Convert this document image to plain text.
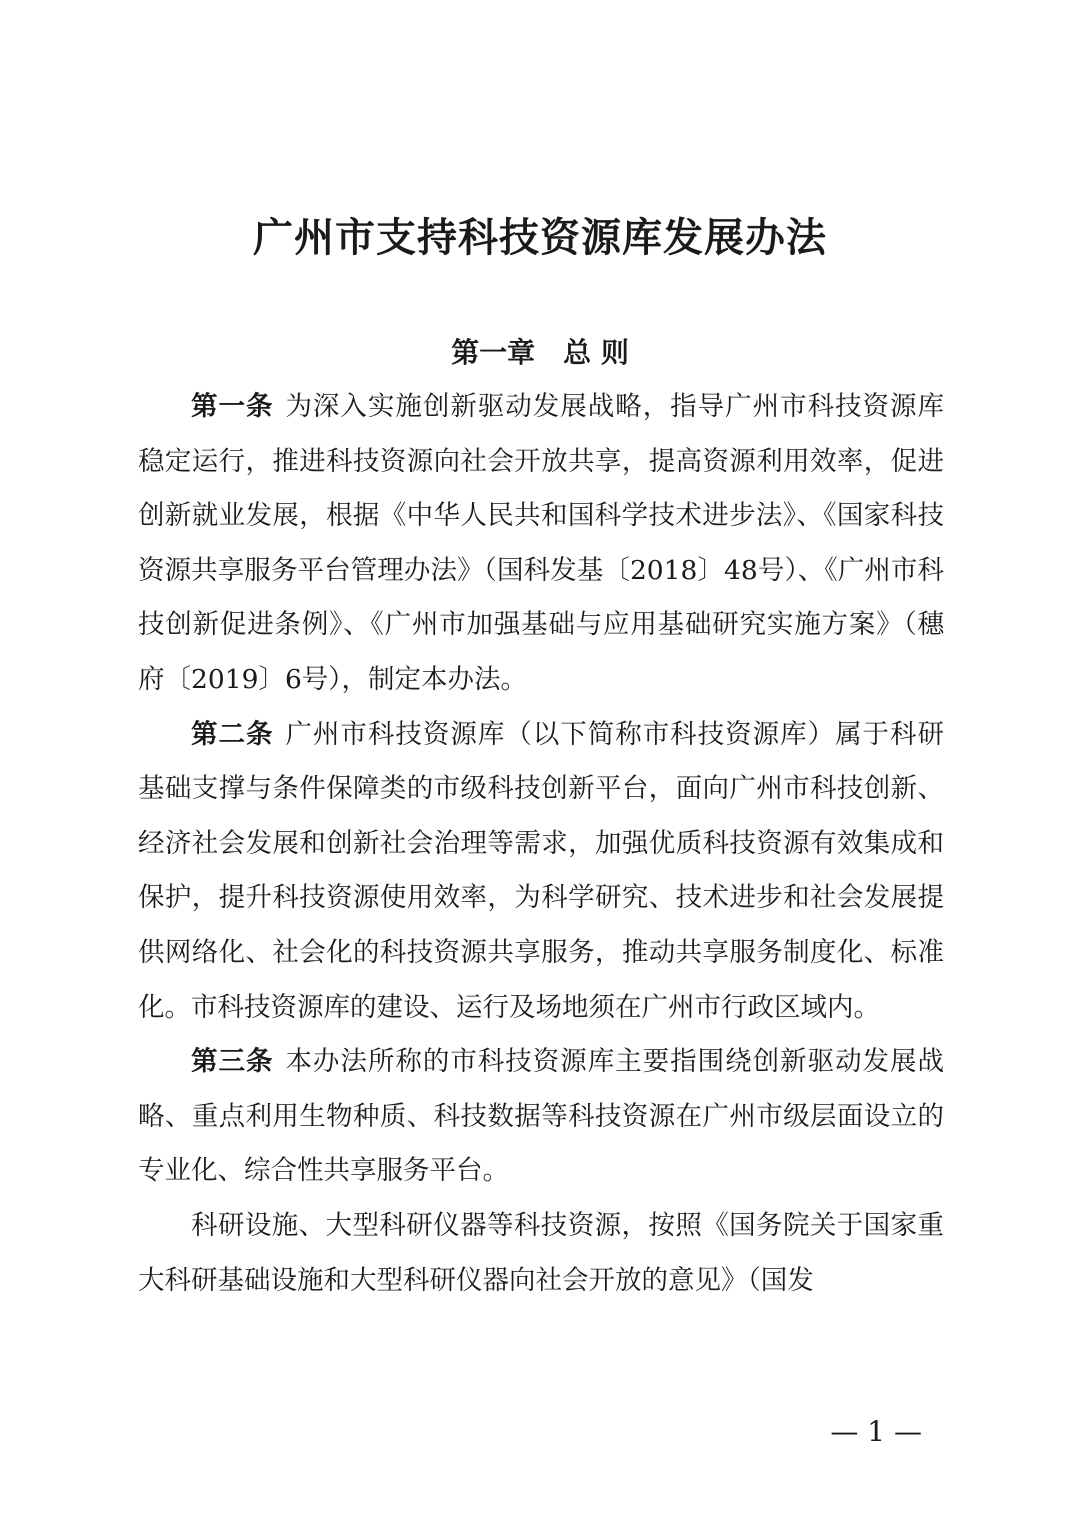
广州市支持科技资源库发展办法
第一章　总 则

第一条 为深入实施创新驱动发展战略，指导广州市科技资源库稳定运行，推进科技资源向社会开放共享，提高资源利用效率，促进创新就业发展，根据《中华人民共和国科学技术进步法》、《国家科技资源共享服务平台管理办法》（国科发基〔2018〕48号）、《广州市科技创新促进条例》、《广州市加强基础与应用基础研究实施方案》（穗府〔2019〕6号），制定本办法。

第二条 广州市科技资源库（以下简称市科技资源库）属于科研基础支撑与条件保障类的市级科技创新平台，面向广州市科技创新、经济社会发展和创新社会治理等需求，加强优质科技资源有效集成和保护，提升科技资源使用效率，为科学研究、技术进步和社会发展提供网络化、社会化的科技资源共享服务，推动共享服务制度化、标准化。市科技资源库的建设、运行及场地须在广州市行政区域内。

第三条 本办法所称的市科技资源库主要指围绕创新驱动发展战略、重点利用生物种质、科技数据等科技资源在广州市级层面设立的专业化、综合性共享服务平台。

科研设施、大型科研仪器等科技资源，按照《国务院关于国家重大科研基础设施和大型科研仪器向社会开放的意见》（国发

— 1 —
